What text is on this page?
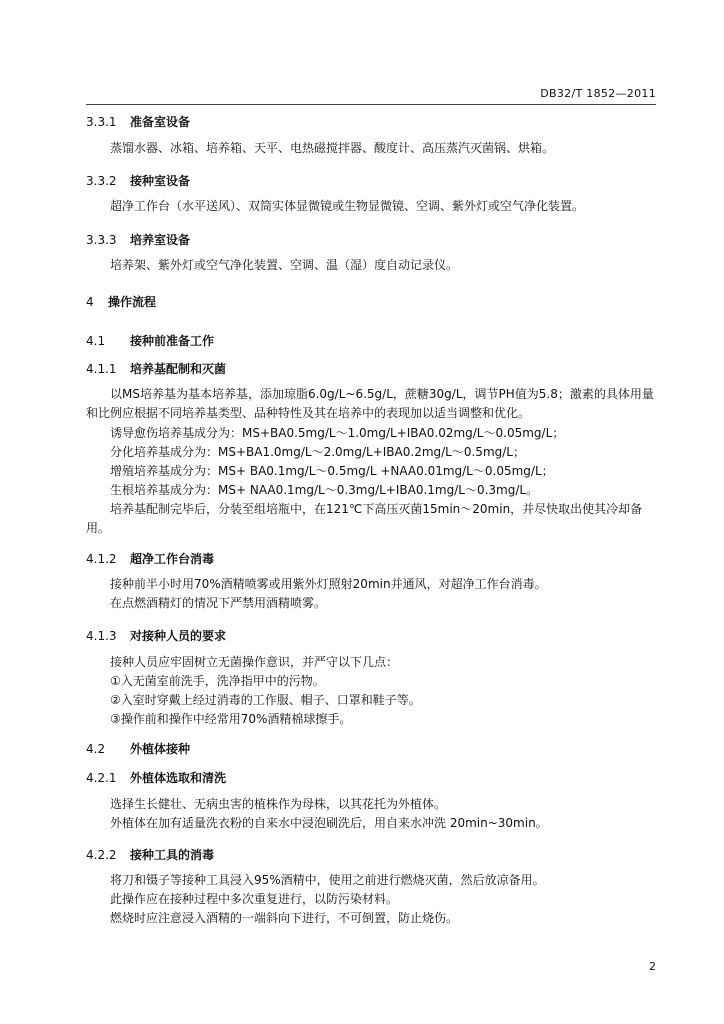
DB32/T 1852—2011
3.3.1 准备室设备
蒸馏水器、冰箱、培养箱、天平、电热磁搅拌器、酸度计、高压蒸汽灭菌锅、烘箱。
3.3.2 接种室设备
超净工作台（水平送风）、双筒实体显微镜或生物显微镜、空调、紫外灯或空气净化装置。
3.3.3 培养室设备
培养架、紫外灯或空气净化装置、空调、温（湿）度自动记录仪。
4 操作流程
4.1 接种前准备工作
4.1.1 培养基配制和灭菌
以MS培养基为基本培养基，添加琼脂6.0g/L~6.5g/L，蔗糖30g/L，调节PH值为5.8；激素的具体用量和比例应根据不同培养基类型、品种特性及其在培养中的表现加以适当调整和优化。
诱导愈伤培养基成分为：MS+BA0.5mg/L～1.0mg/L+IBA0.02mg/L～0.05mg/L；
分化培养基成分为：MS+BA1.0mg/L～2.0mg/L+IBA0.2mg/L～0.5mg/L；
增殖培养基成分为：MS+ BA0.1mg/L～0.5mg/L +NAA0.01mg/L～0.05mg/L；
生根培养基成分为：MS+ NAA0.1mg/L～0.3mg/L+IBA0.1mg/L～0.3mg/L。
培养基配制完毕后，分装至组培瓶中，在121℃下高压灭菌15min～20min，并尽快取出使其冷却备用。
4.1.2 超净工作台消毒
接种前半小时用70%酒精喷雾或用紫外灯照射20min并通风，对超净工作台消毒。
在点燃酒精灯的情况下严禁用酒精喷雾。
4.1.3 对接种人员的要求
接种人员应牢固树立无菌操作意识，并严守以下几点：
①入无菌室前洗手，洗净指甲中的污物。
②入室时穿戴上经过消毒的工作服、帽子、口罩和鞋子等。
③操作前和操作中经常用70%酒精棉球擦手。
4.2 外植体接种
4.2.1 外植体选取和清洗
选择生长健壮、无病虫害的植株作为母株，以其花托为外植体。
外植体在加有适量洗衣粉的自来水中浸泡刷洗后，用自来水冲洗 20min~30min。
4.2.2 接种工具的消毒
将刀和镊子等接种工具浸入95%酒精中，使用之前进行燃烧灭菌，然后放凉备用。
此操作应在接种过程中多次重复进行，以防污染材料。
燃烧时应注意浸入酒精的一端斜向下进行，不可倒置，防止烧伤。
2
